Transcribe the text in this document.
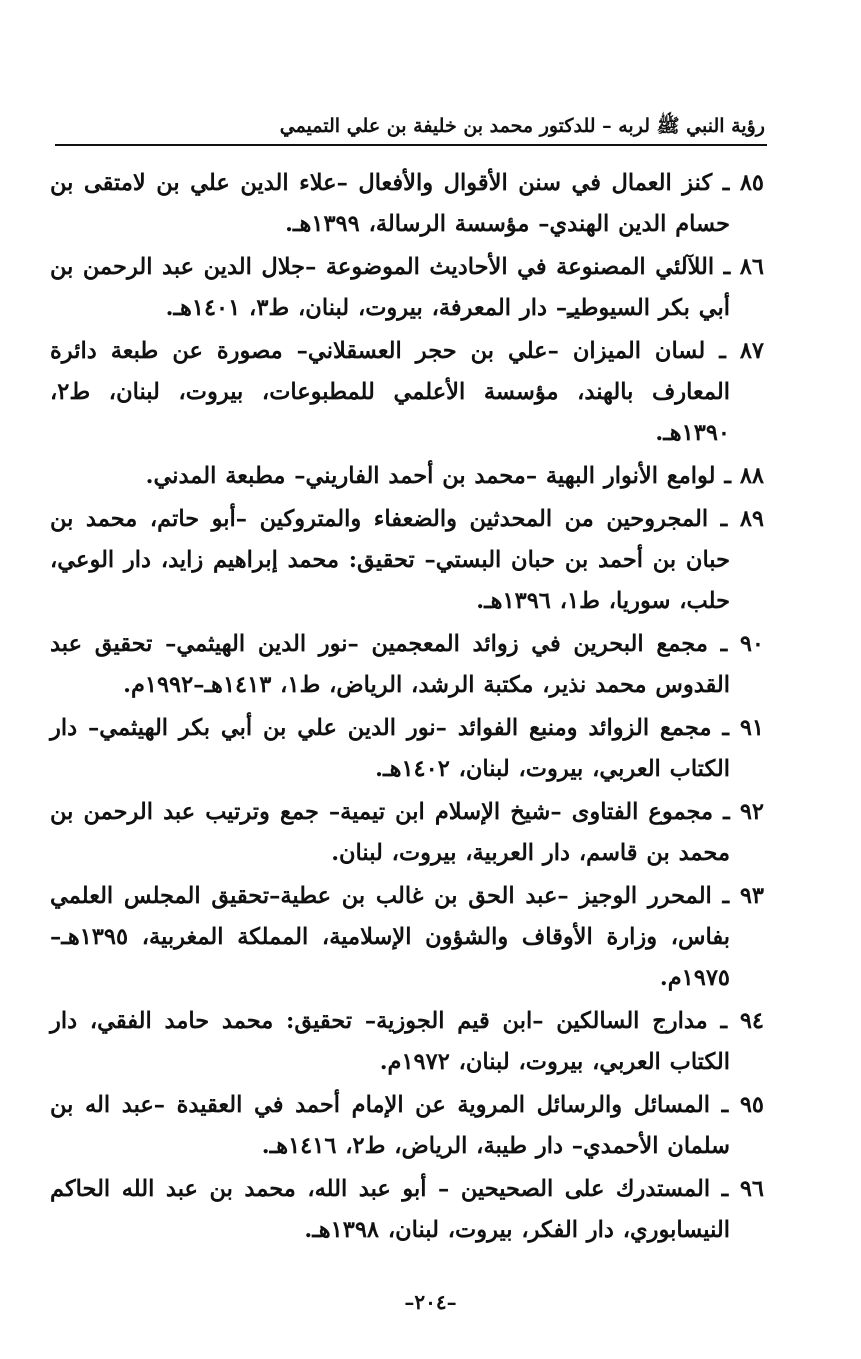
رؤية النبي ﷺ لربه – للدكتور محمد بن خليفة بن علي التميمي
٨٥ ـ كنز العمال في سنن الأقوال والأفعال –علاء الدين علي بن لامتقى بن حسام الدين الهندي– مؤسسة الرسالة، ١٣٩٩هـ.
٨٦ ـ اللآلئي المصنوعة في الأحاديث الموضوعة –جلال الدين عبد الرحمن بن أبي بكر السيوطيـِ– دار المعرفة، بيروت، لبنان، ط٣، ١٤٠١هـ.
٨٧ ـ لسان الميزان –علي بن حجر العسقلاني– مصورة عن طبعة دائرة المعارف بالهند، مؤسسة الأعلمي للمطبوعات، بيروت، لبنان، ط٢، ١٣٩٠هـ.
٨٨ ـ لوامع الأنوار البهية –محمد بن أحمد الفاريني– مطبعة المدني.
٨٩ ـ المجروحين من المحدثين والضعفاء والمتروكين –أبو حاتم، محمد بن حبان بن أحمد بن حبان البستي– تحقيق: محمد إبراهيم زايد، دار الوعي، حلب، سوريا، ط١، ١٣٩٦هـ.
٩٠ ـ مجمع البحرين في زوائد المعجمين –نور الدين الهيثمي– تحقيق عبد القدوس محمد نذير، مكتبة الرشد، الرياض، ط١، ١٤١٣هـ–١٩٩٢م.
٩١ ـ مجمع الزوائد ومنبع الفوائد –نور الدين علي بن أبي بكر الهيثمي– دار الكتاب العربي، بيروت، لبنان، ١٤٠٢هـ.
٩٢ ـ مجموع الفتاوى –شيخ الإسلام ابن تيمية– جمع وترتيب عبد الرحمن بن محمد بن قاسم، دار العربية، بيروت، لبنان.
٩٣ ـ المحرر الوجيز –عبد الحق بن غالب بن عطية–تحقيق المجلس العلمي بفاس، وزارة الأوقاف والشؤون الإسلامية، المملكة المغربية، ١٣٩٥هـ–١٩٧٥م.
٩٤ ـ مدارج السالكين –ابن قيم الجوزية– تحقيق: محمد حامد الفقي، دار الكتاب العربي، بيروت، لبنان، ١٩٧٢م.
٩٥ ـ المسائل والرسائل المروية عن الإمام أحمد في العقيدة –عبد اله بن سلمان الأحمدي– دار طيبة، الرياض، ط٢، ١٤١٦هـ.
٩٦ ـ المستدرك على الصحيحين – أبو عبد الله، محمد بن عبد الله الحاكم النيسابوري، دار الفكر، بيروت، لبنان، ١٣٩٨هـ.
–٢٠٤–
